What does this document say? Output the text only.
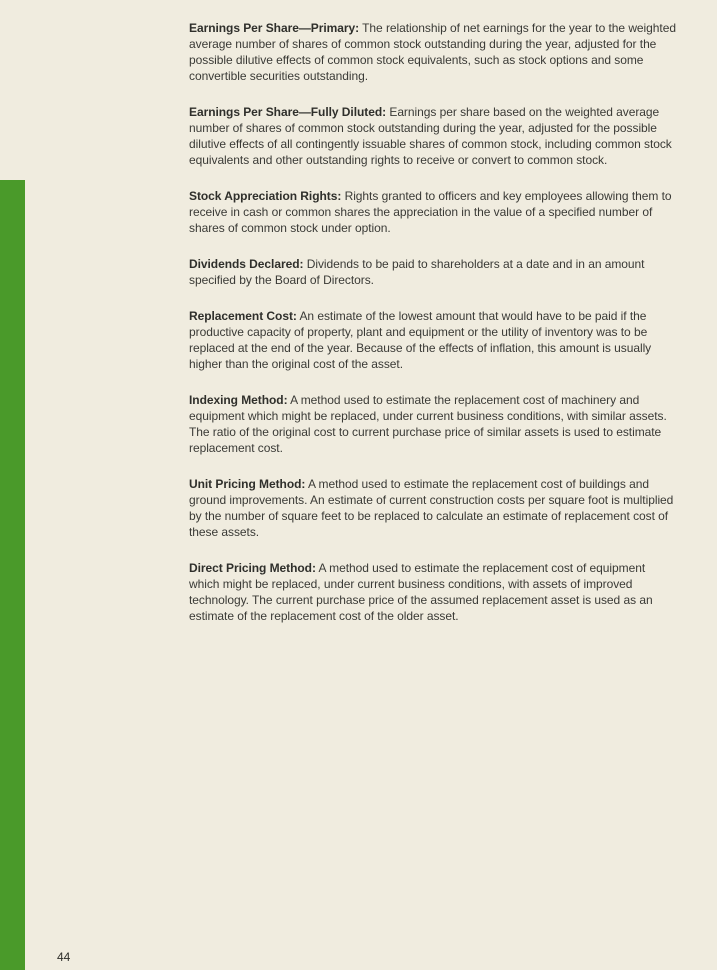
Earnings Per Share—Primary: The relationship of net earnings for the year to the weighted average number of shares of common stock outstanding during the year, adjusted for the possible dilutive effects of common stock equivalents, such as stock options and some convertible securities outstanding.

Earnings Per Share—Fully Diluted: Earnings per share based on the weighted average number of shares of common stock outstanding during the year, adjusted for the possible dilutive effects of all contingently issuable shares of common stock, including common stock equivalents and other outstanding rights to receive or convert to common stock.

Stock Appreciation Rights: Rights granted to officers and key employees allowing them to receive in cash or common shares the appreciation in the value of a specified number of shares of common stock under option.

Dividends Declared: Dividends to be paid to shareholders at a date and in an amount specified by the Board of Directors.

Replacement Cost: An estimate of the lowest amount that would have to be paid if the productive capacity of property, plant and equipment or the utility of inventory was to be replaced at the end of the year. Because of the effects of inflation, this amount is usually higher than the original cost of the asset.

Indexing Method: A method used to estimate the replacement cost of machinery and equipment which might be replaced, under current business conditions, with similar assets. The ratio of the original cost to current purchase price of similar assets is used to estimate replacement cost.

Unit Pricing Method: A method used to estimate the replacement cost of buildings and ground improvements. An estimate of current construction costs per square foot is multiplied by the number of square feet to be replaced to calculate an estimate of replacement cost of these assets.

Direct Pricing Method: A method used to estimate the replacement cost of equipment which might be replaced, under current business conditions, with assets of improved technology. The current purchase price of the assumed replacement asset is used as an estimate of the replacement cost of the older asset.

44
